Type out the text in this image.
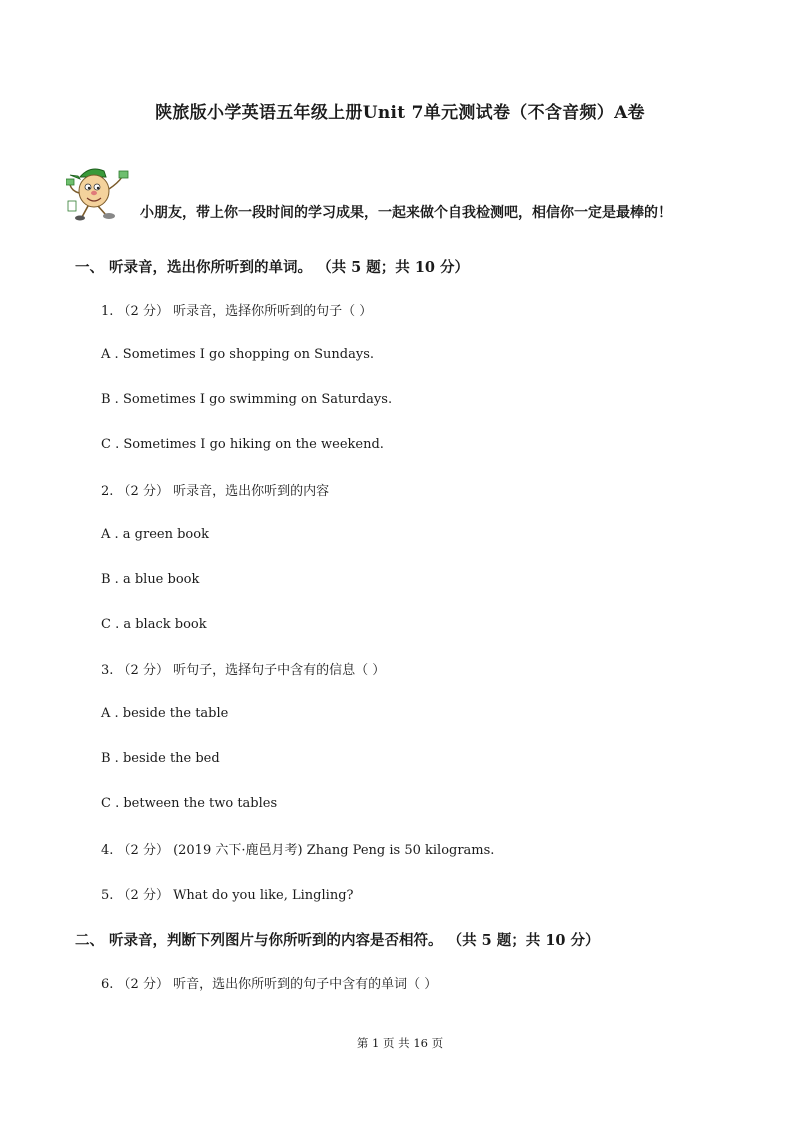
陕旅版小学英语五年级上册Unit 7单元测试卷（不含音频）A卷
小朋友，带上你一段时间的学习成果，一起来做个自我检测吧，相信你一定是最棒的！
一、 听录音，选出你所听到的单词。 （共 5 题；共 10 分）
1. （2 分） 听录音，选择你所听到的句子（ ）
A . Sometimes I go shopping on Sundays.
B . Sometimes I go swimming on Saturdays.
C . Sometimes I go hiking on the weekend.
2. （2 分） 听录音，选出你听到的内容
A . a green book
B . a blue book
C . a black book
3. （2 分） 听句子，选择句子中含有的信息（ ）
A . beside the table
B . beside the bed
C . between the two tables
4. （2 分） (2019 六下·鹿邑月考) Zhang Peng is 50 kilograms.
5. （2 分） What do you like, Lingling?
二、 听录音，判断下列图片与你所听到的内容是否相符。 （共 5 题；共 10 分）
6. （2 分） 听音，选出你所听到的句子中含有的单词（ ）
第 1 页 共 16 页
